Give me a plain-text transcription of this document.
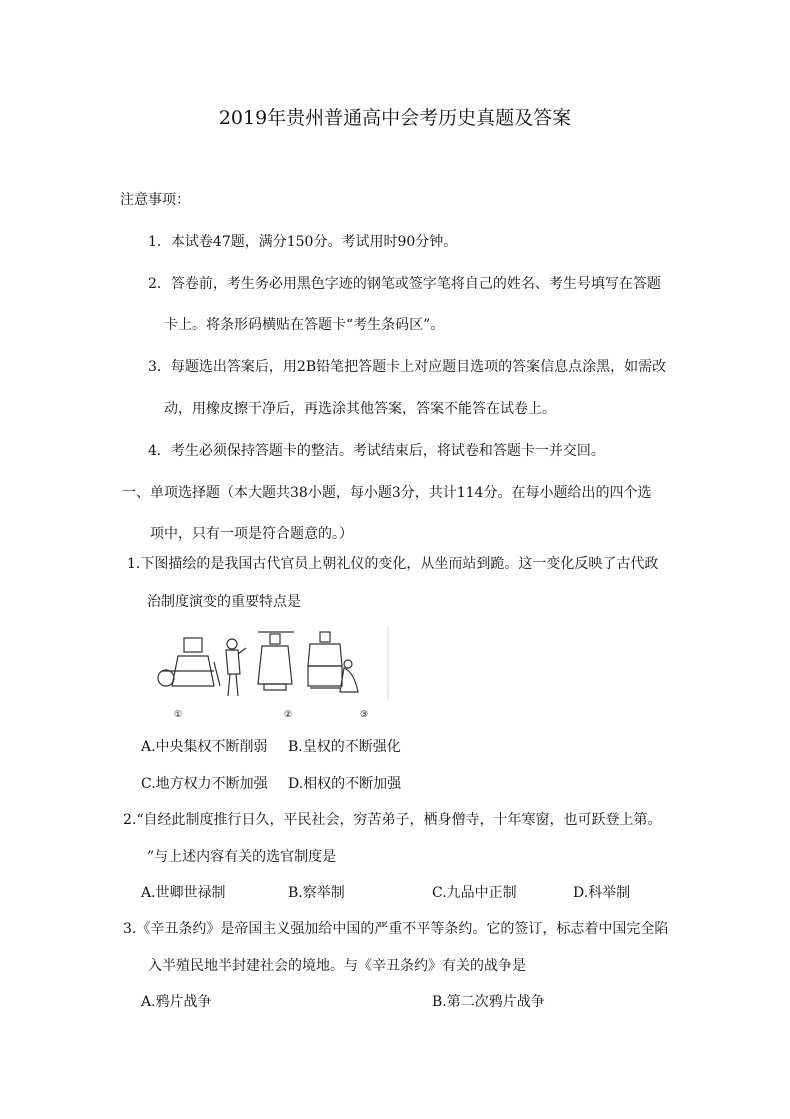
2019年贵州普通高中会考历史真题及答案
注意事项：
1．本试卷47题，满分150分。考试用时90分钟。
2．答卷前，考生务必用黑色字迹的钢笔或签字笔将自己的姓名、考生号填写在答题
卡上。将条形码横贴在答题卡“考生条码区”。
3．每题选出答案后，用2B铅笔把答题卡上对应题目选项的答案信息点涂黑，如需改
动，用橡皮擦干净后，再选涂其他答案，答案不能答在试卷上。
4．考生必须保持答题卡的整洁。考试结束后，将试卷和答题卡一并交回。
一、单项选择题（本大题共38小题，每小题3分，共计114分。在每小题给出的四个选
项中，只有一项是符合题意的。）
1.下图描绘的是我国古代官员上朝礼仪的变化，从坐而站到跪。这一变化反映了古代政
治制度演变的重要特点是
①	②	③
A.中央集权不断削弱 B.皇权的不断强化
C.地方权力不断加强 D.相权的不断加强
2.“自经此制度推行日久，平民社会，穷苦弟子，栖身僧寺，十年寒窗，也可跃登上第。
”与上述内容有关的选官制度是
A.世卿世禄制	B.察举制	C.九品中正制	D.科举制
3.《辛丑条约》是帝国主义强加给中国的严重不平等条约。它的签订，标志着中国完全陷
入半殖民地半封建社会的境地。与《辛丑条约》有关的战争是
A.鸦片战争	B.第二次鸦片战争
